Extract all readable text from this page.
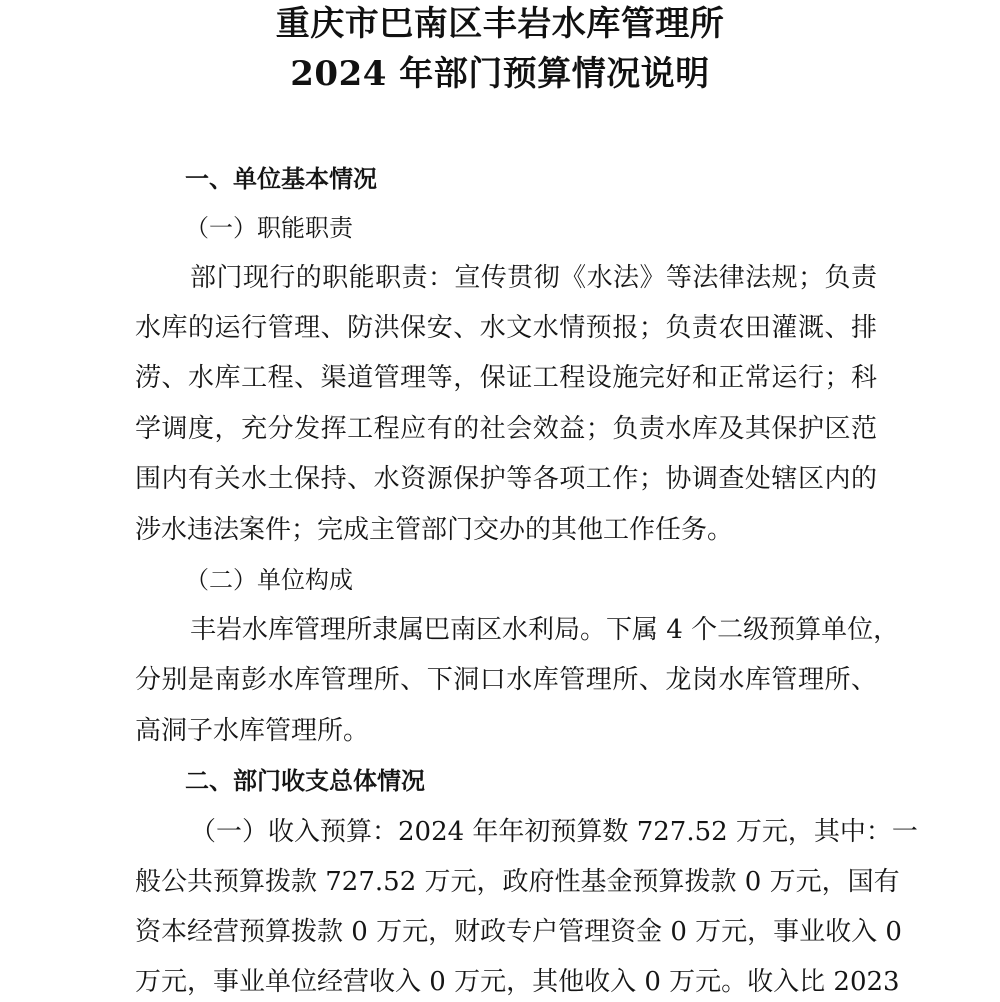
重庆市巴南区丰岩水库管理所
2024 年部门预算情况说明
一、单位基本情况
（一）职能职责
部门现行的职能职责：宣传贯彻《水法》等法律法规；负责
水库的运行管理、防洪保安、水文水情预报；负责农田灌溉、排
涝、水库工程、渠道管理等，保证工程设施完好和正常运行；科
学调度，充分发挥工程应有的社会效益；负责水库及其保护区范
围内有关水土保持、水资源保护等各项工作；协调查处辖区内的
涉水违法案件；完成主管部门交办的其他工作任务。
（二）单位构成
丰岩水库管理所隶属巴南区水利局。下属 4 个二级预算单位，
分别是南彭水库管理所、下洞口水库管理所、龙岗水库管理所、
高洞子水库管理所。
二、部门收支总体情况
（一）收入预算：2024 年年初预算数 727.52 万元，其中：一
般公共预算拨款 727.52 万元，政府性基金预算拨款 0 万元，国有
资本经营预算拨款 0 万元，财政专户管理资金 0 万元，事业收入 0
万元，事业单位经营收入 0 万元，其他收入 0 万元。收入比 2023
